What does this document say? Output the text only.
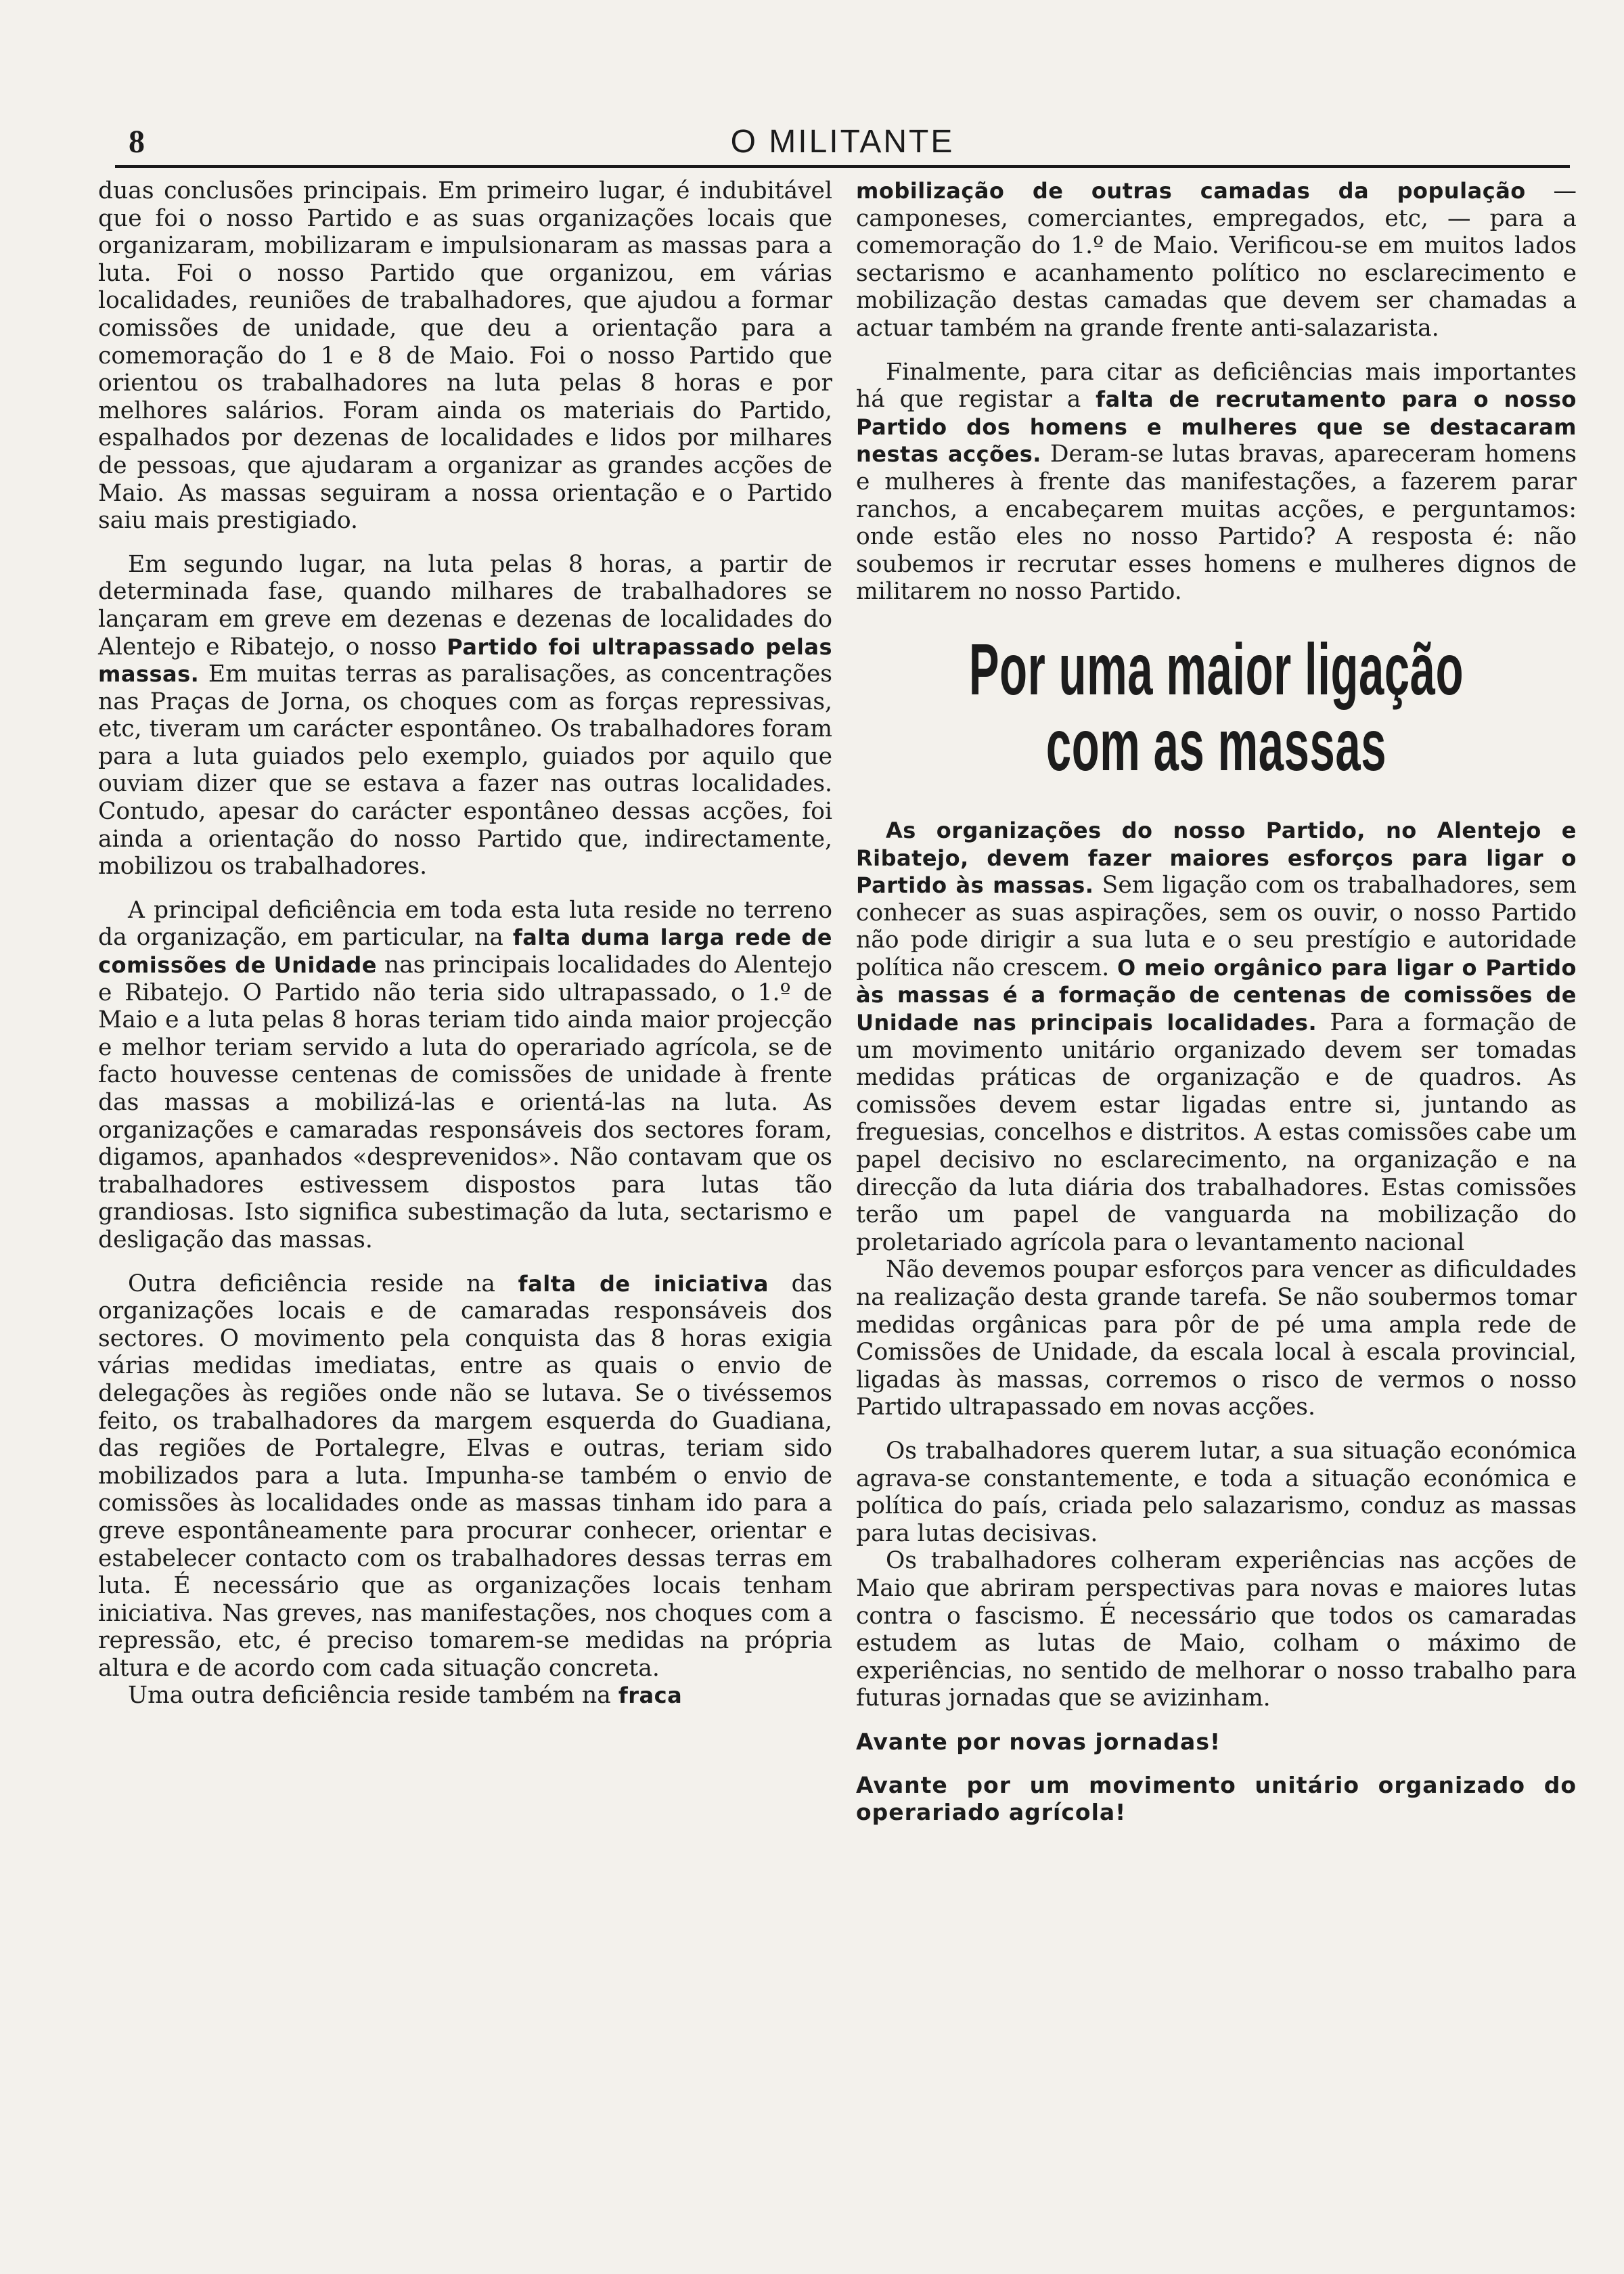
8	O MILITANTE

duas conclusões principais. Em primeiro lugar, é indubitável que foi o nosso Partido e as suas organizações locais que organizaram, mobilizaram e impulsionaram as massas para a luta. Foi o nosso Partido que organizou, em várias localidades, reuniões de trabalhadores, que ajudou a formar comissões de unidade, que deu a orientação para a comemoração do 1 e 8 de Maio. Foi o nosso Partido que orientou os trabalhadores na luta pelas 8 horas e por melhores salários. Foram ainda os materiais do Partido, espalhados por dezenas de localidades e lidos por milhares de pessoas, que ajudaram a organizar as grandes acções de Maio. As massas seguiram a nossa orientação e o Partido saiu mais prestigiado.

Em segundo lugar, na luta pelas 8 horas, a partir de determinada fase, quando milhares de trabalhadores se lançaram em greve em dezenas e dezenas de localidades do Alentejo e Ribatejo, o nosso Partido foi ultrapassado pelas massas. Em muitas terras as paralisações, as concentrações nas Praças de Jorna, os choques com as forças repressivas, etc, tiveram um carácter espontâneo. Os trabalhadores foram para a luta guiados pelo exemplo, guiados por aquilo que ouviam dizer que se estava a fazer nas outras localidades. Contudo, apesar do carácter espontâneo dessas acções, foi ainda a orientação do nosso Partido que, indirectamente, mobilizou os trabalhadores.

A principal deficiência em toda esta luta reside no terreno da organização, em particular, na falta duma larga rede de comissões de Unidade nas principais localidades do Alentejo e Ribatejo. O Partido não teria sido ultrapassado, o 1.º de Maio e a luta pelas 8 horas teriam tido ainda maior projecção e melhor teriam servido a luta do operariado agrícola, se de facto houvesse centenas de comissões de unidade à frente das massas a mobilizá-las e orientá-las na luta. As organizações e camaradas responsáveis dos sectores foram, digamos, apanhados «desprevenidos». Não contavam que os trabalhadores estivessem dispostos para lutas tão grandiosas. Isto significa subestimação da luta, sectarismo e desligação das massas.

Outra deficiência reside na falta de iniciativa das organizações locais e de camaradas responsáveis dos sectores. O movimento pela conquista das 8 horas exigia várias medidas imediatas, entre as quais o envio de delegações às regiões onde não se lutava. Se o tivéssemos feito, os trabalhadores da margem esquerda do Guadiana, das regiões de Portalegre, Elvas e outras, teriam sido mobilizados para a luta. Impunha-se também o envio de comissões às localidades onde as massas tinham ido para a greve espontâneamente para procurar conhecer, orientar e estabelecer contacto com os trabalhadores dessas terras em luta. É necessário que as organizações locais tenham iniciativa. Nas greves, nas manifestações, nos choques com a repressão, etc, é preciso tomarem-se medidas na própria altura e de acordo com cada situação concreta.

Uma outra deficiência reside também na fraca

mobilização de outras camadas da população — camponeses, comerciantes, empregados, etc, — para a comemoração do 1.º de Maio. Verificou-se em muitos lados sectarismo e acanhamento político no esclarecimento e mobilização destas camadas que devem ser chamadas a actuar também na grande frente anti-salazarista.

Finalmente, para citar as deficiências mais importantes há que registar a falta de recrutamento para o nosso Partido dos homens e mulheres que se destacaram nestas acções. Deram-se lutas bravas, apareceram homens e mulheres à frente das manifestações, a fazerem parar ranchos, a encabeçarem muitas acções, e perguntamos: onde estão eles no nosso Partido? A resposta é: não soubemos ir recrutar esses homens e mulheres dignos de militarem no nosso Partido.

Por uma maior ligação
com as massas

As organizações do nosso Partido, no Alentejo e Ribatejo, devem fazer maiores esforços para ligar o Partido às massas. Sem ligação com os trabalhadores, sem conhecer as suas aspirações, sem os ouvir, o nosso Partido não pode dirigir a sua luta e o seu prestígio e autoridade política não crescem. O meio orgânico para ligar o Partido às massas é a formação de centenas de comissões de Unidade nas principais localidades. Para a formação de um movimento unitário organizado devem ser tomadas medidas práticas de organização e de quadros. As comissões devem estar ligadas entre si, juntando as freguesias, concelhos e distritos. A estas comissões cabe um papel decisivo no esclarecimento, na organização e na direcção da luta diária dos trabalhadores. Estas comissões terão um papel de vanguarda na mobilização do proletariado agrícola para o levantamento nacional

Não devemos poupar esforços para vencer as dificuldades na realização desta grande tarefa. Se não soubermos tomar medidas orgânicas para pôr de pé uma ampla rede de Comissões de Unidade, da escala local à escala provincial, ligadas às massas, corremos o risco de vermos o nosso Partido ultrapassado em novas acções.

Os trabalhadores querem lutar, a sua situação económica agrava-se constantemente, e toda a situação económica e política do país, criada pelo salazarismo, conduz as massas para lutas decisivas.

Os trabalhadores colheram experiências nas acções de Maio que abriram perspectivas para novas e maiores lutas contra o fascismo. É necessário que todos os camaradas estudem as lutas de Maio, colham o máximo de experiências, no sentido de melhorar o nosso trabalho para futuras jornadas que se avizinham.

Avante por novas jornadas!

Avante por um movimento unitário organizado do operariado agrícola!
